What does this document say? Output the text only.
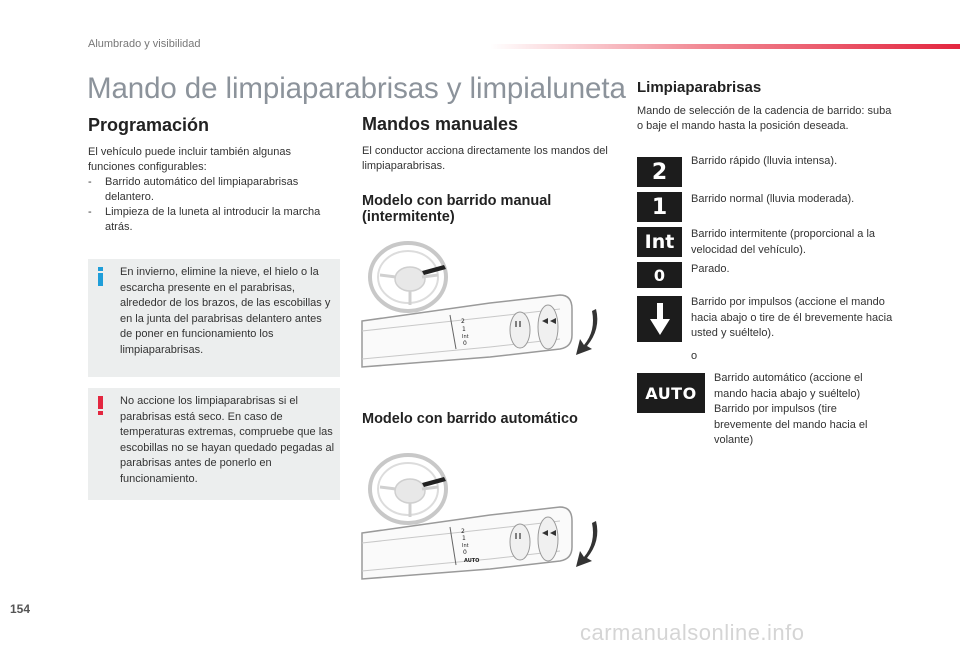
Alumbrado y visibilidad
Mando de limpiaparabrisas y limpialuneta
Programación
El vehículo puede incluir también algunas funciones configurables:
- Barrido automático del limpiaparabrisas delantero.
- Limpieza de la luneta al introducir la marcha atrás.
En invierno, elimine la nieve, el hielo o la escarcha presente en el parabrisas, alrededor de los brazos, de las escobillas y en la junta del parabrisas delantero antes de poner en funcionamiento los limpiaparabrisas.
No accione los limpiaparabrisas si el parabrisas está seco. En caso de temperaturas extremas, compruebe que las escobillas no se hayan quedado pegadas al parabrisas antes de ponerlo en funcionamiento.
Mandos manuales
El conductor acciona directamente los mandos del limpiaparabrisas.
Modelo con barrido manual (intermitente)
2
1
Int
0
Modelo con barrido automático
2
1
Int
0
AUTO
Limpiaparabrisas
Mando de selección de la cadencia de barrido: suba o baje el mando hasta la posición deseada.
2	Barrido rápido (lluvia intensa).
1	Barrido normal (lluvia moderada).
Int	Barrido intermitente (proporcional a la velocidad del vehículo).
0	Parado.
Barrido por impulsos (accione el mando hacia abajo o tire de él brevemente hacia usted y suéltelo).
o
AUTO
Barrido automático (accione el mando hacia abajo y suéltelo) Barrido por impulsos (tire brevemente del mando hacia el volante)
154
carmanualsonline.info
